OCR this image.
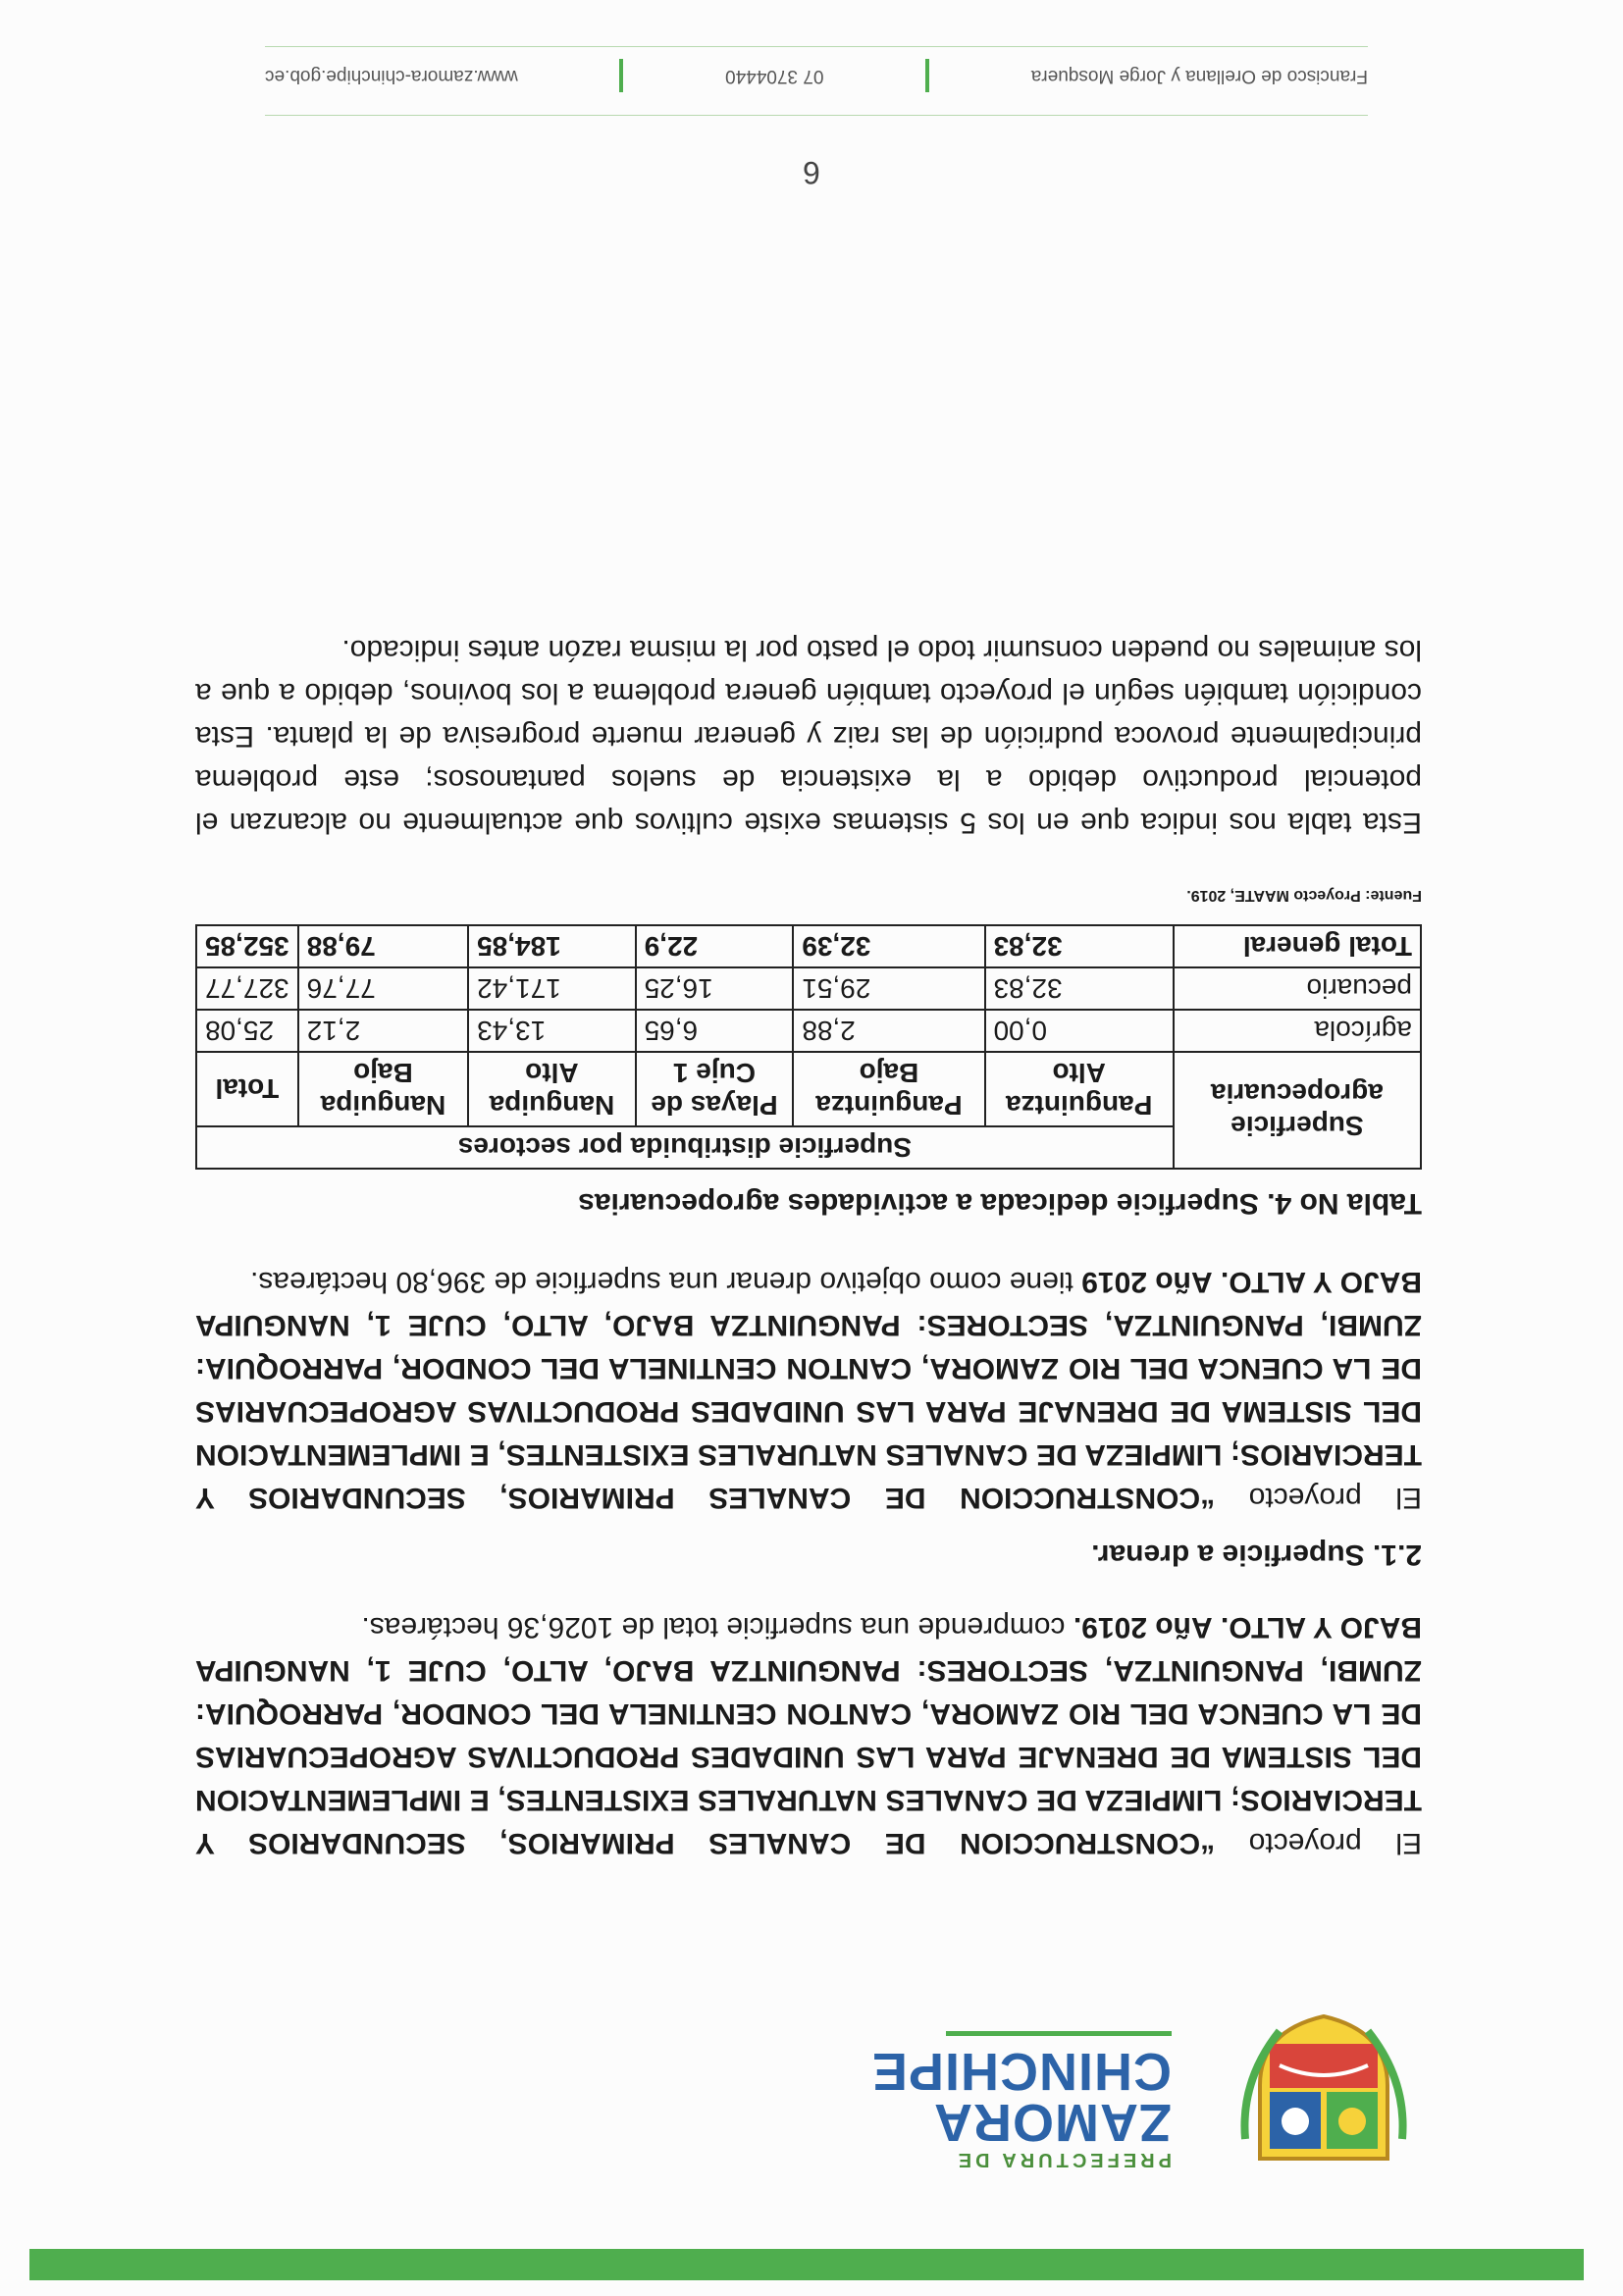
PREFECTURA DE
ZAMORA
CHINCHIPE

El proyecto “CONSTRUCCION DE CANALES PRIMARIOS, SECUNDARIOS Y TERCIARIOS; LIMPIEZA DE CANALES NATURALES EXISTENTES, E IMPLEMENTACION DEL SISTEMA DE DRENAJE PARA LAS UNIDADES PRODUCTIVAS AGROPECUARIAS DE LA CUENCA DEL RIO ZAMORA, CANTON CENTINELA DEL CONDOR, PARROQUIA: ZUMBI, PANGUINTZA, SECTORES: PANGUINTZA BAJO, ALTO, CUJE 1, NANGUIPA BAJO Y ALTO. Año 2019. comprende una superficie total de 1026,36 hectáreas.

2.1. Superficie a drenar.

El proyecto “CONSTRUCCION DE CANALES PRIMARIOS, SECUNDARIOS Y TERCIARIOS; LIMPIEZA DE CANALES NATURALES EXISTENTES, E IMPLEMENTACION DEL SISTEMA DE DRENAJE PARA LAS UNIDADES PRODUCTIVAS AGROPECUARIAS DE LA CUENCA DEL RIO ZAMORA, CANTON CENTINELA DEL CONDOR, PARROQUIA: ZUMBI, PANGUINTZA, SECTORES: PANGUINTZA BAJO, ALTO, CUJE 1, NANGUIPA BAJO Y ALTO. Año 2019 tiene como objetivo drenar una superficie de 396,80 hectáreas.

Tabla No 4. Superficie dedicada a actividades agropecuarias
Superficie agropecuaria	Superficie distribuida por sectores					
	Panguintza Alto	Panguintza Bajo	Playas de Cuje 1	Nanguipa Alto	Nanguipa Bajo	Total
agrícola	0,00	2,88	6,65	13,43	2,12	25,08
pecuario	32,83	29,51	16,25	171,42	77,76	327,77
Total general	32,83	32,39	22,9	184,85	79,88	352,85
Fuente: Proyecto MAATE, 2019.

Esta tabla nos indica que en los 5 sistemas existe cultivos que actualmente no alcanzan el potencial productivo debido a la existencia de suelos pantanosos; este problema principalmente provoca pudrición de las raiz y generar muerte progresiva de la planta. Esta condición también según el proyecto también genera problema a los bovinos, debido a que a los animales no pueden consumir todo el pasto por la misma razón antes indicado.

6
Francisco de Orellana y Jorge Mosquera
07 3704440
www.zamora-chinchipe.gob.ec
